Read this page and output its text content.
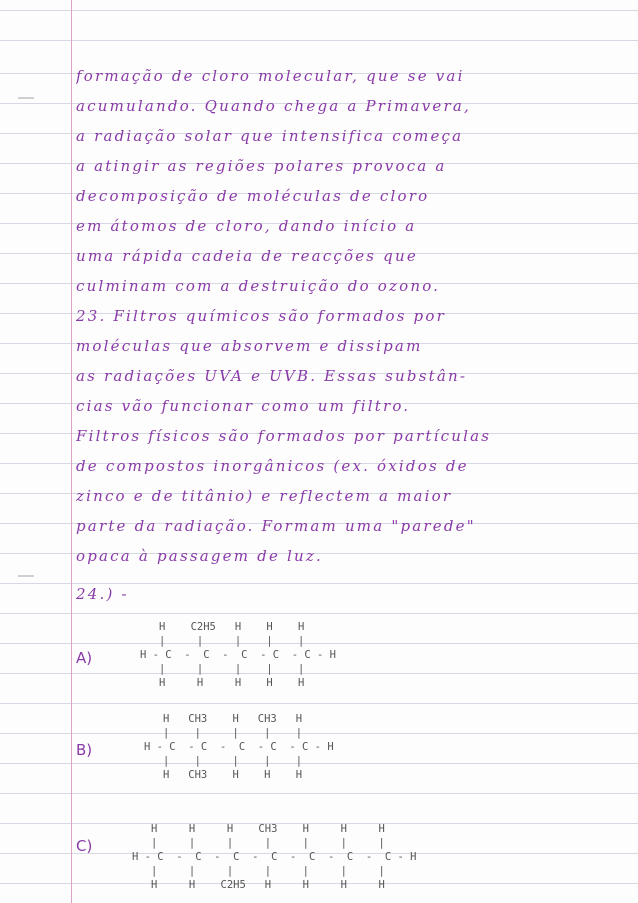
formação de cloro molecular, que se vai
acumulando. Quando chega a Primavera,
a radiação solar que intensifica começa
a atingir as regiões polares provoca a
decomposição de moléculas de cloro
em átomos de cloro, dando início a
uma rápida cadeia de reacções que
culminam com a destruição do ozono.
23. Filtros químicos são formados por
moléculas que absorvem e dissipam
as radiações UVA e UVB. Essas substân-
cias vão funcionar como um filtro.
Filtros físicos são formados por partículas
de compostos inorgânicos (ex. óxidos de
zinco e de titânio) e reflectem a maior
parte da radiação. Formam uma "parede"
opaca à passagem de luz.
24.) -
A)
H    C2H5   H    H    H
|     |     |    |    |
H - C  -  C  -  C  - C  - C - H
|     |     |    |    |
H     H     H    H    H
B)
H   CH3    H   CH3   H
|    |     |    |    |
H - C  - C  -  C  - C  - C - H
|    |     |    |    |
H   CH3    H    H    H
C)
H     H     H    CH3    H     H     H
|     |     |     |     |     |     |
H - C  -  C  -  C  -  C  -  C  -  C  -  C - H
|     |     |     |     |     |     |
H     H    C2H5   H     H     H     H
